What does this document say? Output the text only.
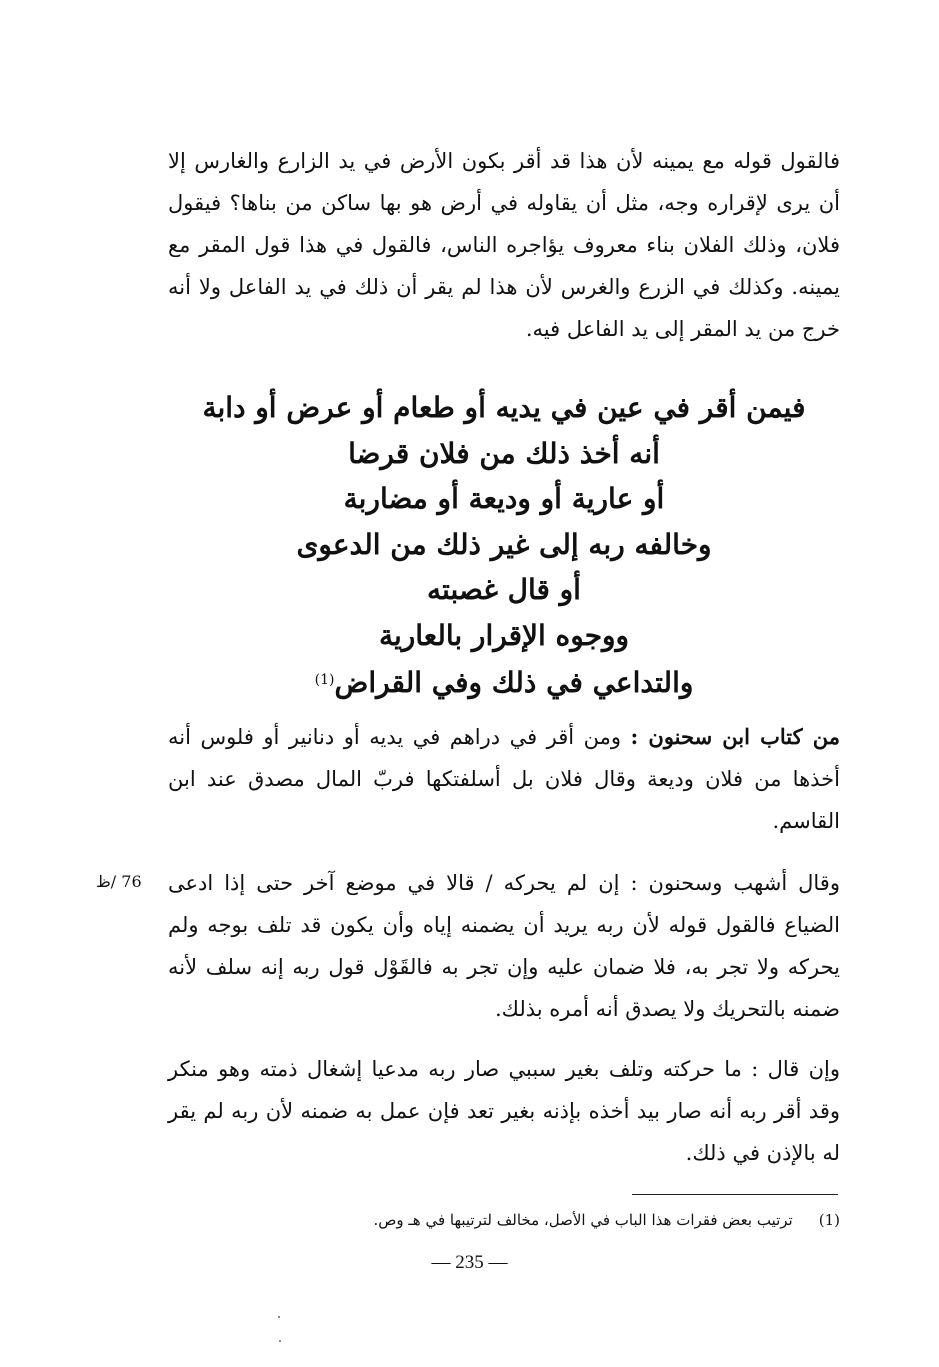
فالقول قوله مع يمينه لأن هذا قد أقر بكون الأرض في يد الزارع والغارس إلا أن يرى لإقراره وجه، مثل أن يقاوله في أرض هو بها ساكن من بناها؟ فيقول فلان، وذلك الفلان بناء معروف يؤاجره الناس، فالقول في هذا قول المقر مع يمينه. وكذلك في الزرع والغرس لأن هذا لم يقر أن ذلك في يد الفاعل ولا أنه خرج من يد المقر إلى يد الفاعل فيه.
فيمن أقر في عين في يديه أو طعام أو عرض أو دابة
أنه أخذ ذلك من فلان قرضا
أو عارية أو وديعة أو مضاربة
وخالفه ربه إلى غير ذلك من الدعوى
أو قال غصبته
ووجوه الإقرار بالعارية
والتداعي في ذلك وفي القراض$^{(1)}$
من كتاب ابن سحنون : ومن أقر في دراهم في يديه أو دنانير أو فلوس أنه أخذها من فلان وديعة وقال فلان بل أسلفتكها فربّ المال مصدق عند ابن القاسم.
76 /ظ	وقال أشهب وسحنون : إن لم يحركه / قالا في موضع آخر حتى إذا ادعى الضياع فالقول قوله لأن ربه يريد أن يضمنه إياه وأن يكون قد تلف بوجه ولم يحركه ولا تجر به، فلا ضمان عليه وإن تجر به فالقَوْل قول ربه إنه سلف لأنه ضمنه بالتحريك ولا يصدق أنه أمره بذلك.
وإن قال : ما حركته وتلف بغير سببي صار ربه مدعيا إشغال ذمته وهو منكر وقد أقر ربه أنه صار بيد أخذه بإذنه بغير تعد فإن عمل به ضمنه لأن ربه لم يقر له بالإذن في ذلك.
(1)ترتيب بعض فقرات هذا الباب في الأصل، مخالف لترتيبها في هـ وص.
— 235 —
